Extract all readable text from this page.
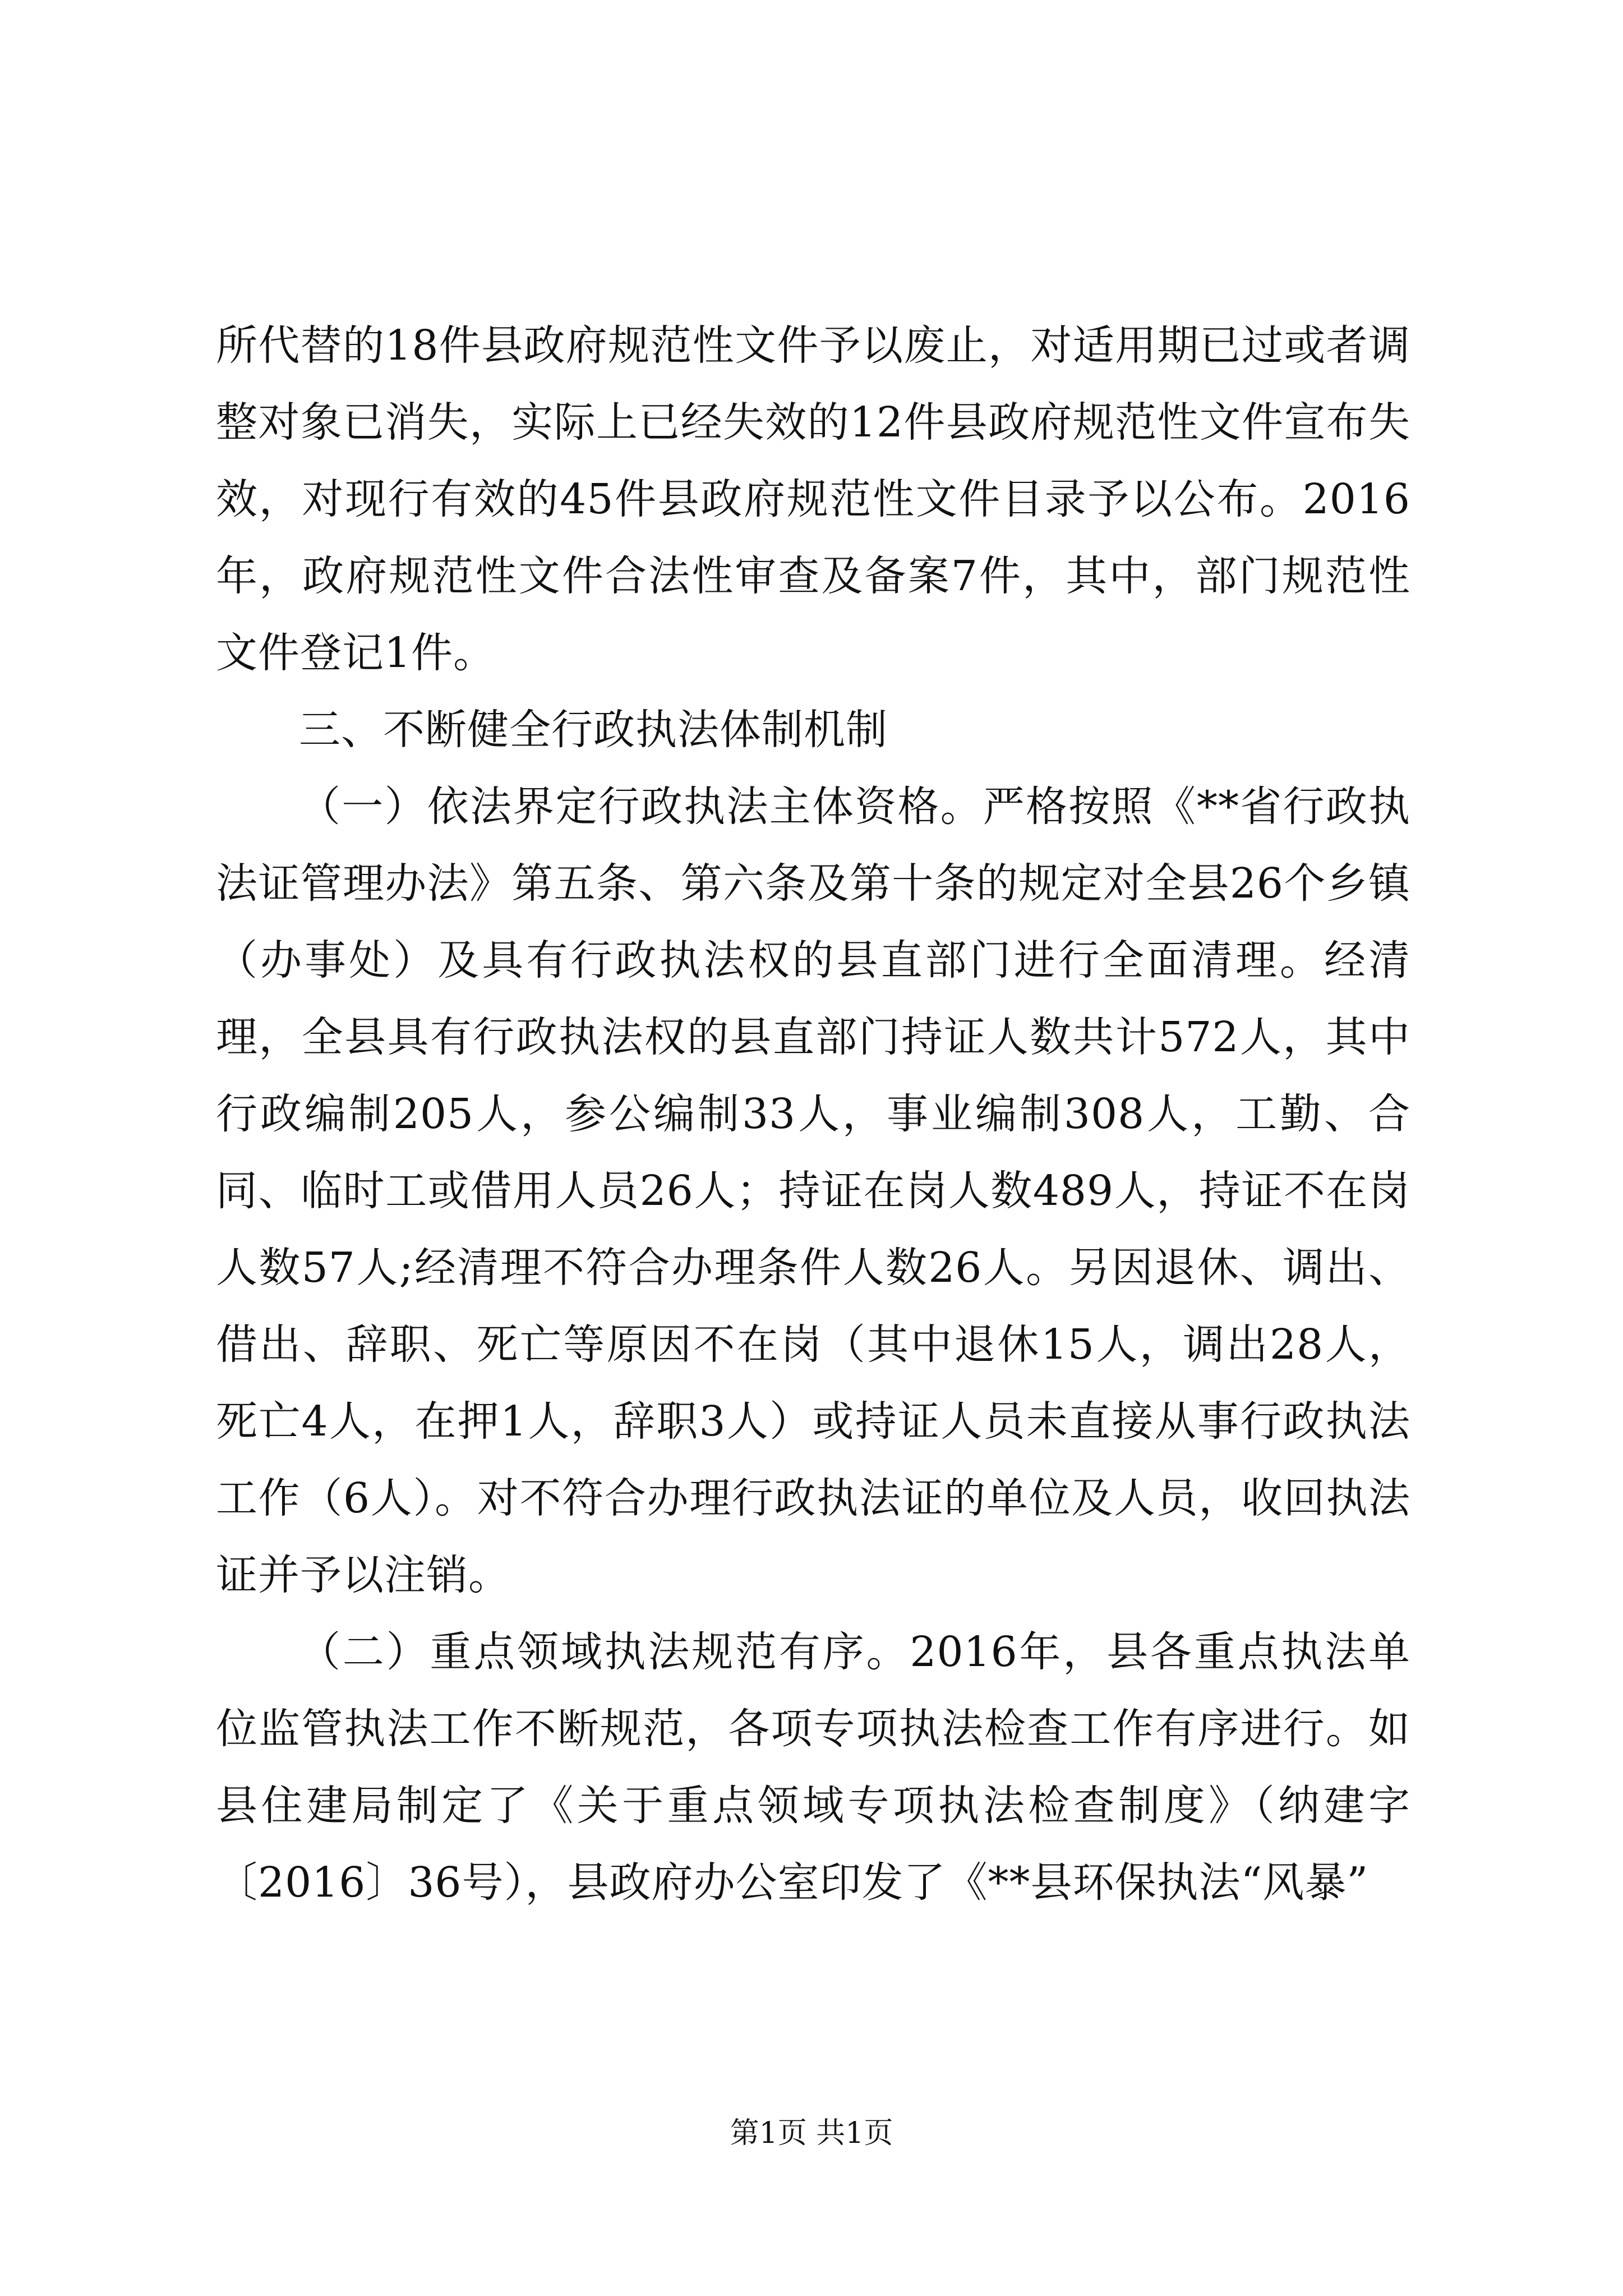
所代替的18件县政府规范性文件予以废止，对适用期已过或者调整对象已消失，实际上已经失效的12件县政府规范性文件宣布失效，对现行有效的45件县政府规范性文件目录予以公布。2016年，政府规范性文件合法性审查及备案7件，其中，部门规范性文件登记1件。

三、不断健全行政执法体制机制

（一）依法界定行政执法主体资格。严格按照《**省行政执法证管理办法》第五条、第六条及第十条的规定对全县26个乡镇（办事处）及具有行政执法权的县直部门进行全面清理。经清理，全县具有行政执法权的县直部门持证人数共计572人，其中行政编制205人，参公编制33人，事业编制308人，工勤、合同、临时工或借用人员26人；持证在岗人数489人，持证不在岗人数57人;经清理不符合办理条件人数26人。另因退休、调出、借出、辞职、死亡等原因不在岗（其中退休15人，调出28人，死亡4人，在押1人，辞职3人）或持证人员未直接从事行政执法工作（6人）。对不符合办理行政执法证的单位及人员，收回执法证并予以注销。

（二）重点领域执法规范有序。2016年，县各重点执法单位监管执法工作不断规范，各项专项执法检查工作有序进行。如县住建局制定了《关于重点领域专项执法检查制度》（纳建字〔2016〕36号），县政府办公室印发了《**县环保执法“风暴”

第1页 共1页
